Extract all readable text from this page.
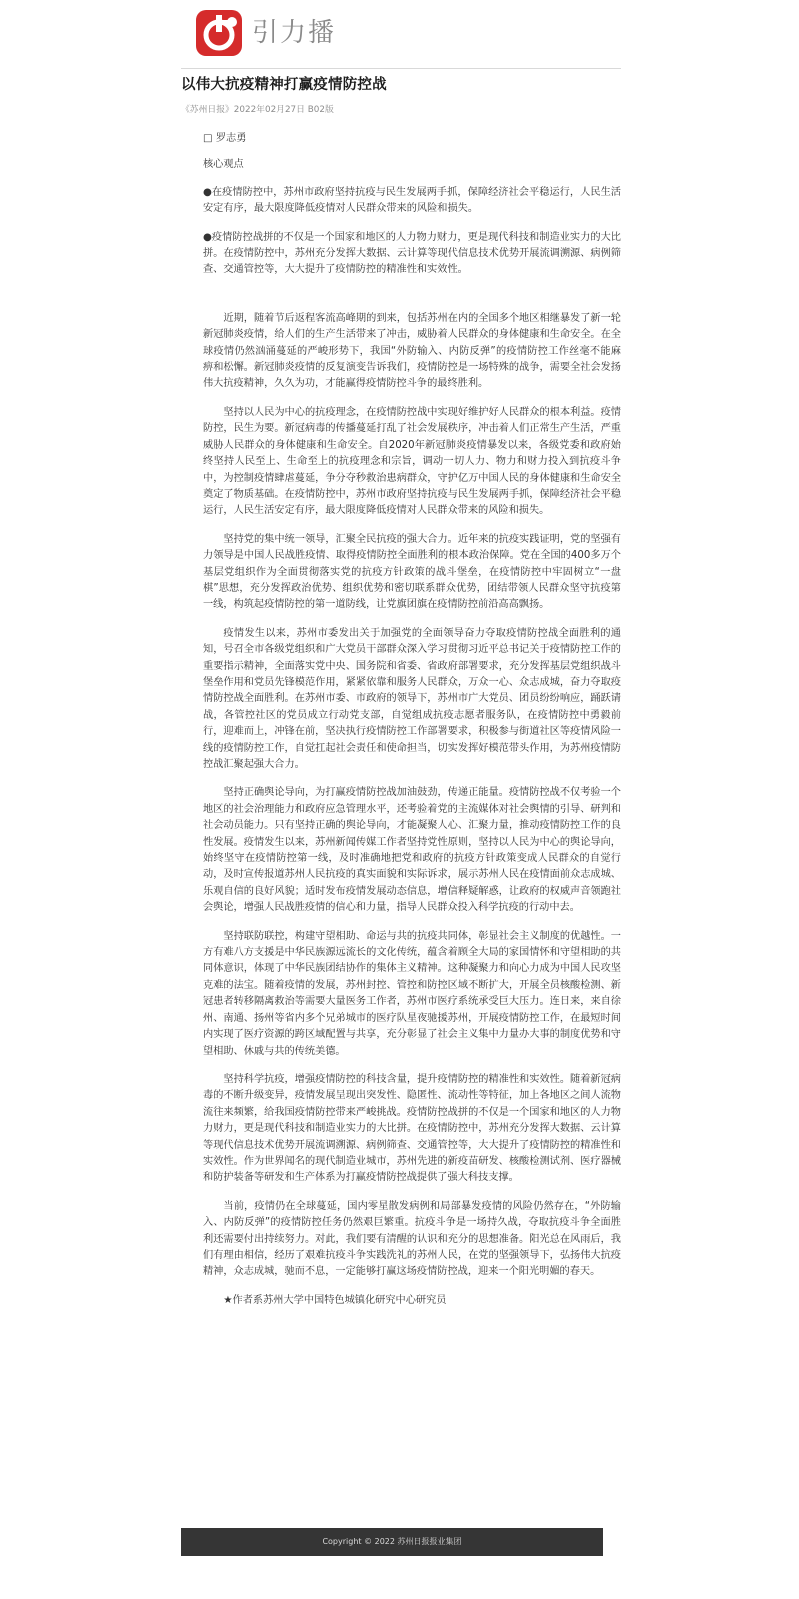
引力播
以伟大抗疫精神打赢疫情防控战
《苏州日报》2022年02月27日 B02版

□ 罗志勇

核心观点

●在疫情防控中，苏州市政府坚持抗疫与民生发展两手抓，保障经济社会平稳运行，人民生活安定有序，最大限度降低疫情对人民群众带来的风险和损失。

●疫情防控战拼的不仅是一个国家和地区的人力物力财力，更是现代科技和制造业实力的大比拼。在疫情防控中，苏州充分发挥大数据、云计算等现代信息技术优势开展流调溯源、病例筛查、交通管控等，大大提升了疫情防控的精准性和实效性。

近期，随着节后返程客流高峰期的到来，包括苏州在内的全国多个地区相继暴发了新一轮新冠肺炎疫情，给人们的生产生活带来了冲击，威胁着人民群众的身体健康和生命安全。在全球疫情仍然汹涌蔓延的严峻形势下，我国“外防输入、内防反弹”的疫情防控工作丝毫不能麻痹和松懈。新冠肺炎疫情的反复演变告诉我们，疫情防控是一场特殊的战争，需要全社会发扬伟大抗疫精神，久久为功，才能赢得疫情防控斗争的最终胜利。

坚持以人民为中心的抗疫理念，在疫情防控战中实现好维护好人民群众的根本利益。疫情防控，民生为要。新冠病毒的传播蔓延打乱了社会发展秩序，冲击着人们正常生产生活，严重威胁人民群众的身体健康和生命安全。自2020年新冠肺炎疫情暴发以来，各级党委和政府始终坚持人民至上、生命至上的抗疫理念和宗旨，调动一切人力、物力和财力投入到抗疫斗争中，为控制疫情肆虐蔓延，争分夺秒救治患病群众，守护亿万中国人民的身体健康和生命安全奠定了物质基础。在疫情防控中，苏州市政府坚持抗疫与民生发展两手抓，保障经济社会平稳运行，人民生活安定有序，最大限度降低疫情对人民群众带来的风险和损失。

坚持党的集中统一领导，汇聚全民抗疫的强大合力。近年来的抗疫实践证明，党的坚强有力领导是中国人民战胜疫情、取得疫情防控全面胜利的根本政治保障。党在全国的400多万个基层党组织作为全面贯彻落实党的抗疫方针政策的战斗堡垒，在疫情防控中牢固树立“一盘棋”思想，充分发挥政治优势、组织优势和密切联系群众优势，团结带领人民群众坚守抗疫第一线，构筑起疫情防控的第一道防线，让党旗团旗在疫情防控前沿高高飘扬。

疫情发生以来，苏州市委发出关于加强党的全面领导奋力夺取疫情防控战全面胜利的通知，号召全市各级党组织和广大党员干部群众深入学习贯彻习近平总书记关于疫情防控工作的重要指示精神，全面落实党中央、国务院和省委、省政府部署要求，充分发挥基层党组织战斗堡垒作用和党员先锋模范作用，紧紧依靠和服务人民群众，万众一心、众志成城，奋力夺取疫情防控战全面胜利。在苏州市委、市政府的领导下，苏州市广大党员、团员纷纷响应，踊跃请战，各管控社区的党员成立行动党支部，自觉组成抗疫志愿者服务队，在疫情防控中勇毅前行，迎难而上，冲锋在前，坚决执行疫情防控工作部署要求，积极参与街道社区等疫情风险一线的疫情防控工作，自觉扛起社会责任和使命担当，切实发挥好模范带头作用，为苏州疫情防控战汇聚起强大合力。

坚持正确舆论导向，为打赢疫情防控战加油鼓劲，传递正能量。疫情防控战不仅考验一个地区的社会治理能力和政府应急管理水平，还考验着党的主流媒体对社会舆情的引导、研判和社会动员能力。只有坚持正确的舆论导向，才能凝聚人心、汇聚力量，推动疫情防控工作的良性发展。疫情发生以来，苏州新闻传媒工作者坚持党性原则，坚持以人民为中心的舆论导向，始终坚守在疫情防控第一线，及时准确地把党和政府的抗疫方针政策变成人民群众的自觉行动，及时宣传报道苏州人民抗疫的真实面貌和实际诉求，展示苏州人民在疫情面前众志成城、乐观自信的良好风貌；适时发布疫情发展动态信息，增信释疑解惑，让政府的权威声音领跑社会舆论，增强人民战胜疫情的信心和力量，指导人民群众投入科学抗疫的行动中去。

坚持联防联控，构建守望相助、命运与共的抗疫共同体，彰显社会主义制度的优越性。一方有难八方支援是中华民族源远流长的文化传统，蕴含着顾全大局的家国情怀和守望相助的共同体意识，体现了中华民族团结协作的集体主义精神。这种凝聚力和向心力成为中国人民攻坚克难的法宝。随着疫情的发展，苏州封控、管控和防控区域不断扩大，开展全员核酸检测、新冠患者转移隔离救治等需要大量医务工作者，苏州市医疗系统承受巨大压力。连日来，来自徐州、南通、扬州等省内多个兄弟城市的医疗队星夜驰援苏州，开展疫情防控工作，在最短时间内实现了医疗资源的跨区域配置与共享，充分彰显了社会主义集中力量办大事的制度优势和守望相助、休戚与共的传统美德。

坚持科学抗疫，增强疫情防控的科技含量，提升疫情防控的精准性和实效性。随着新冠病毒的不断升级变异，疫情发展呈现出突发性、隐匿性、流动性等特征，加上各地区之间人流物流往来频繁，给我国疫情防控带来严峻挑战。疫情防控战拼的不仅是一个国家和地区的人力物力财力，更是现代科技和制造业实力的大比拼。在疫情防控中，苏州充分发挥大数据、云计算等现代信息技术优势开展流调溯源、病例筛查、交通管控等，大大提升了疫情防控的精准性和实效性。作为世界闻名的现代制造业城市，苏州先进的新疫苗研发、核酸检测试剂、医疗器械和防护装备等研发和生产体系为打赢疫情防控战提供了强大科技支撑。

当前，疫情仍在全球蔓延，国内零星散发病例和局部暴发疫情的风险仍然存在，“外防输入、内防反弹”的疫情防控任务仍然艰巨繁重。抗疫斗争是一场持久战，夺取抗疫斗争全面胜利还需要付出持续努力。对此，我们要有清醒的认识和充分的思想准备。阳光总在风雨后，我们有理由相信，经历了艰难抗疫斗争实践洗礼的苏州人民，在党的坚强领导下，弘扬伟大抗疫精神，众志成城，驰而不息，一定能够打赢这场疫情防控战，迎来一个阳光明媚的春天。

★作者系苏州大学中国特色城镇化研究中心研究员

Copyright © 2022 苏州日报报业集团
